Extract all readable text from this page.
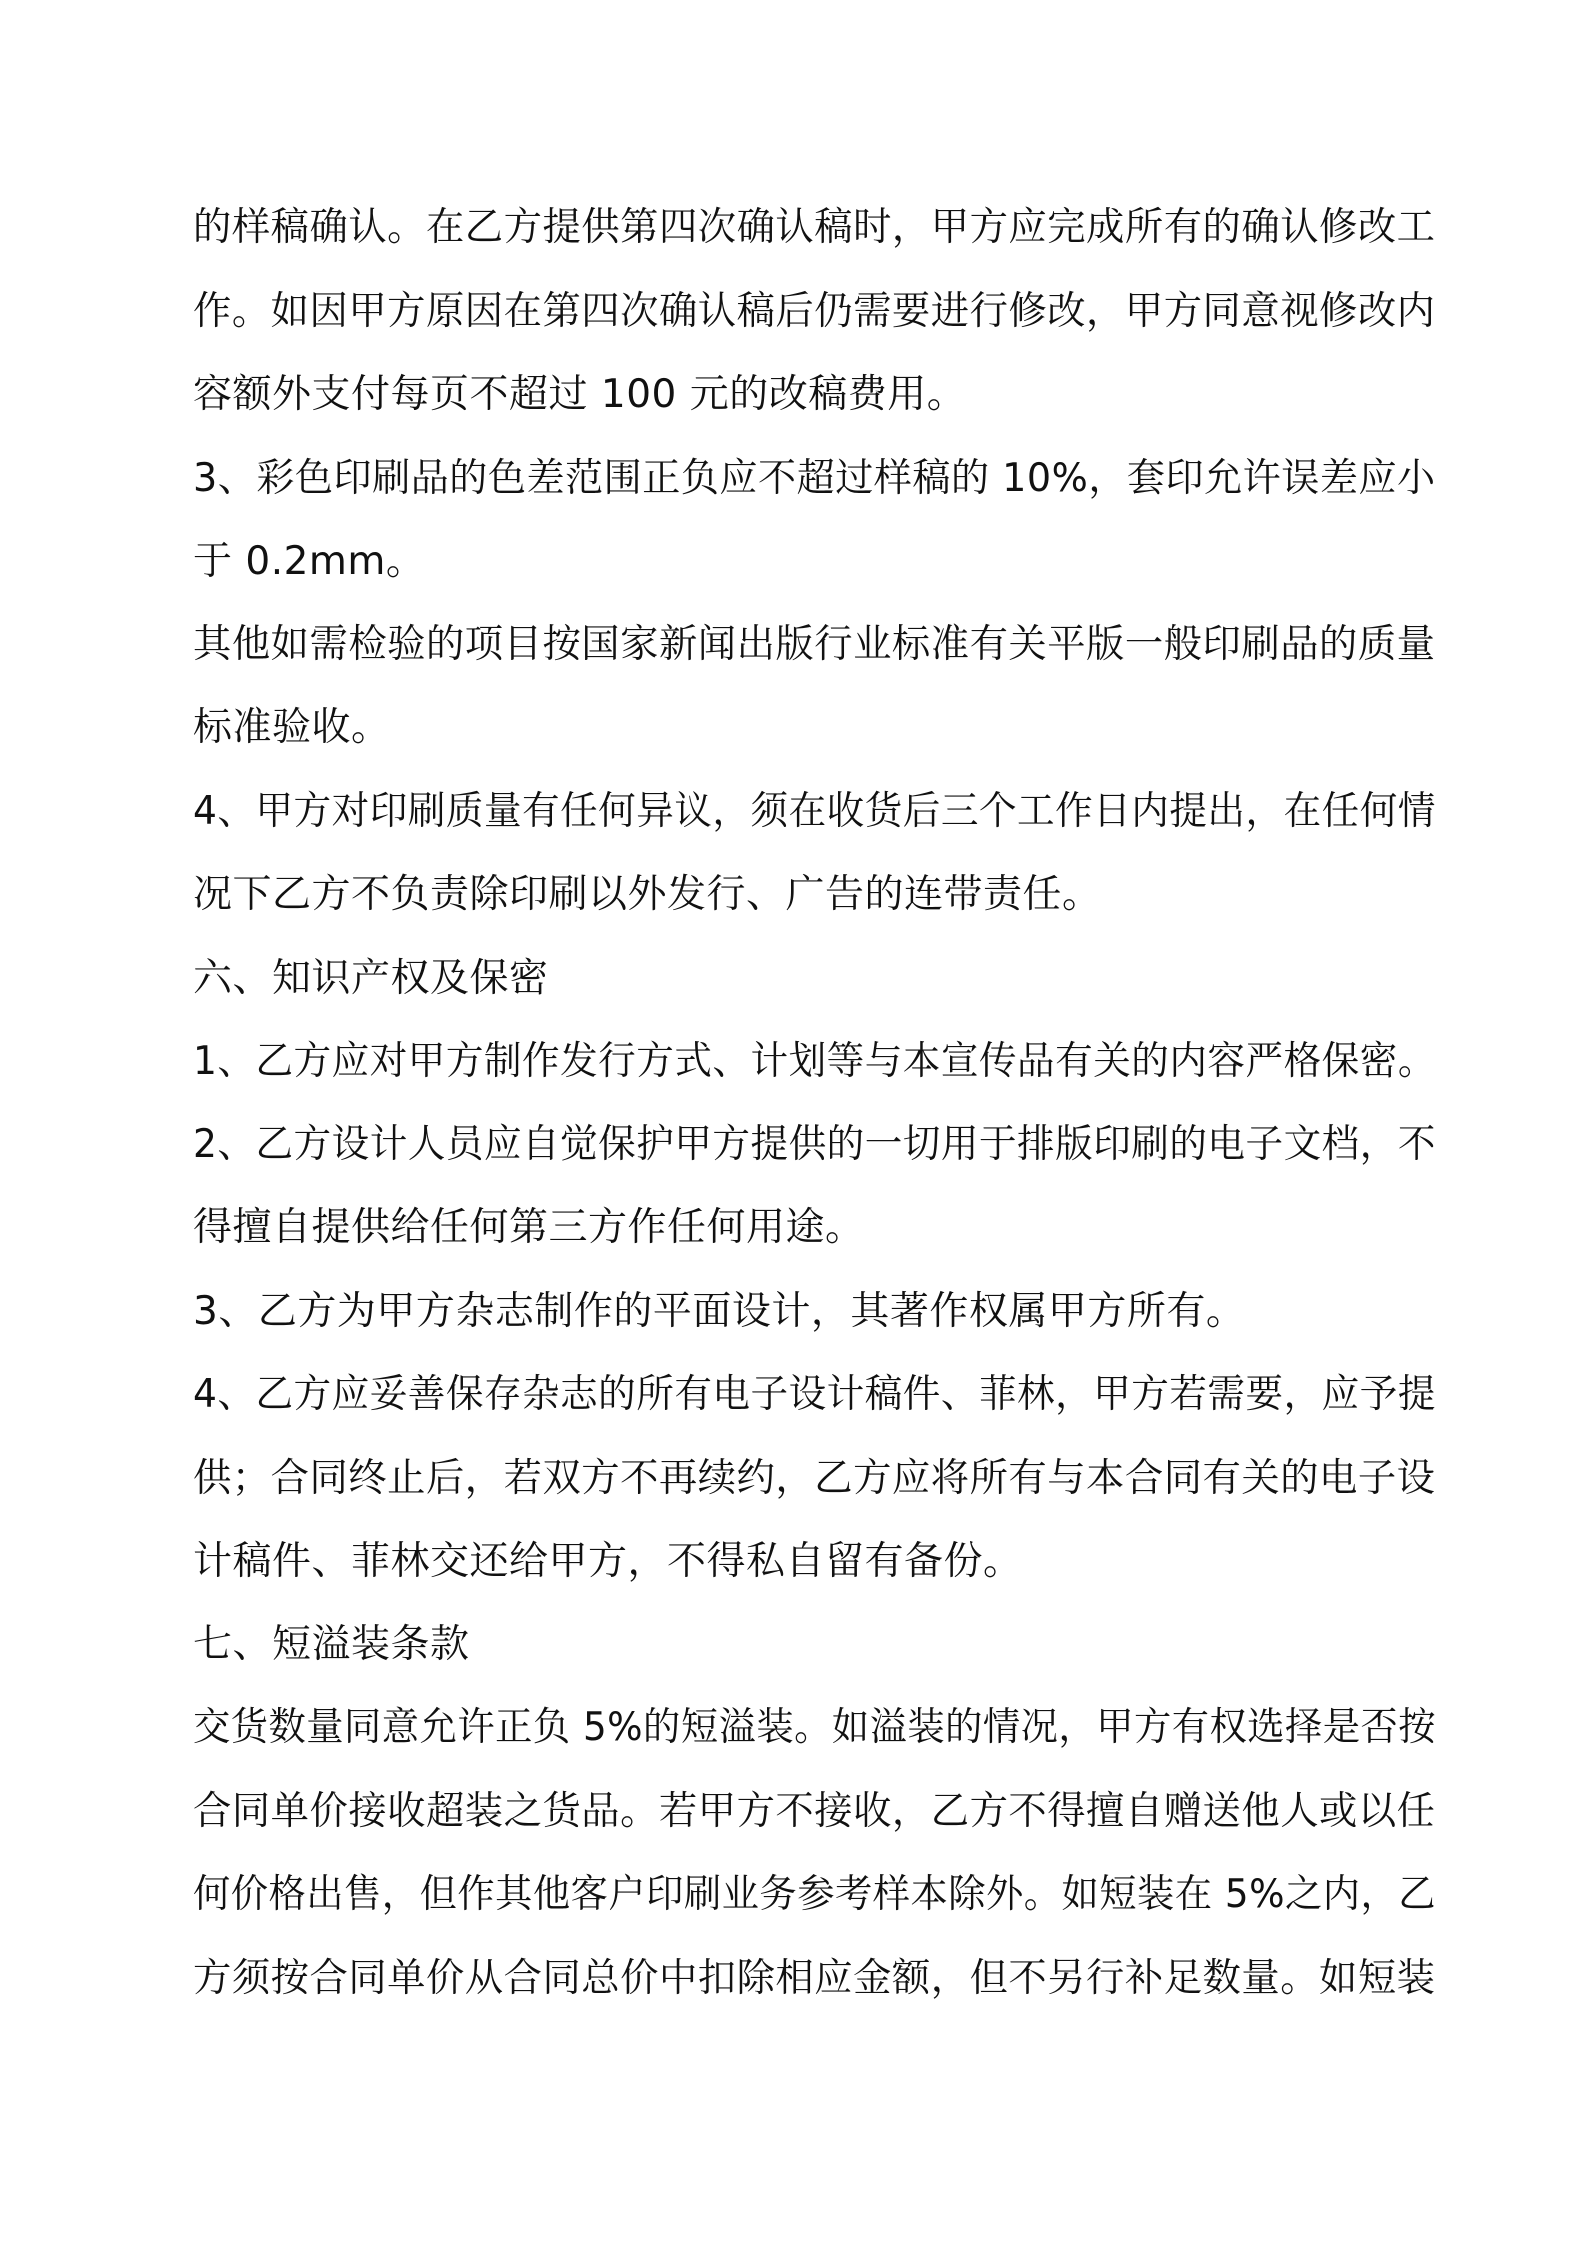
的样稿确认。在乙方提供第四次确认稿时，甲方应完成所有的确认修改工

作。如因甲方原因在第四次确认稿后仍需要进行修改，甲方同意视修改内

容额外支付每页不超过 100 元的改稿费用。

3、彩色印刷品的色差范围正负应不超过样稿的 10%，套印允许误差应小

于 0.2mm。

其他如需检验的项目按国家新闻出版行业标准有关平版一般印刷品的质量

标准验收。

4、甲方对印刷质量有任何异议，须在收货后三个工作日内提出，在任何情

况下乙方不负责除印刷以外发行、广告的连带责任。

六、知识产权及保密

1、乙方应对甲方制作发行方式、计划等与本宣传品有关的内容严格保密。

2、乙方设计人员应自觉保护甲方提供的一切用于排版印刷的电子文档，不

得擅自提供给任何第三方作任何用途。

3、乙方为甲方杂志制作的平面设计，其著作权属甲方所有。

4、乙方应妥善保存杂志的所有电子设计稿件、菲林，甲方若需要，应予提

供；合同终止后，若双方不再续约，乙方应将所有与本合同有关的电子设

计稿件、菲林交还给甲方，不得私自留有备份。

七、短溢装条款

交货数量同意允许正负 5%的短溢装。如溢装的情况，甲方有权选择是否按

合同单价接收超装之货品。若甲方不接收，乙方不得擅自赠送他人或以任

何价格出售，但作其他客户印刷业务参考样本除外。如短装在 5%之内，乙

方须按合同单价从合同总价中扣除相应金额，但不另行补足数量。如短装
